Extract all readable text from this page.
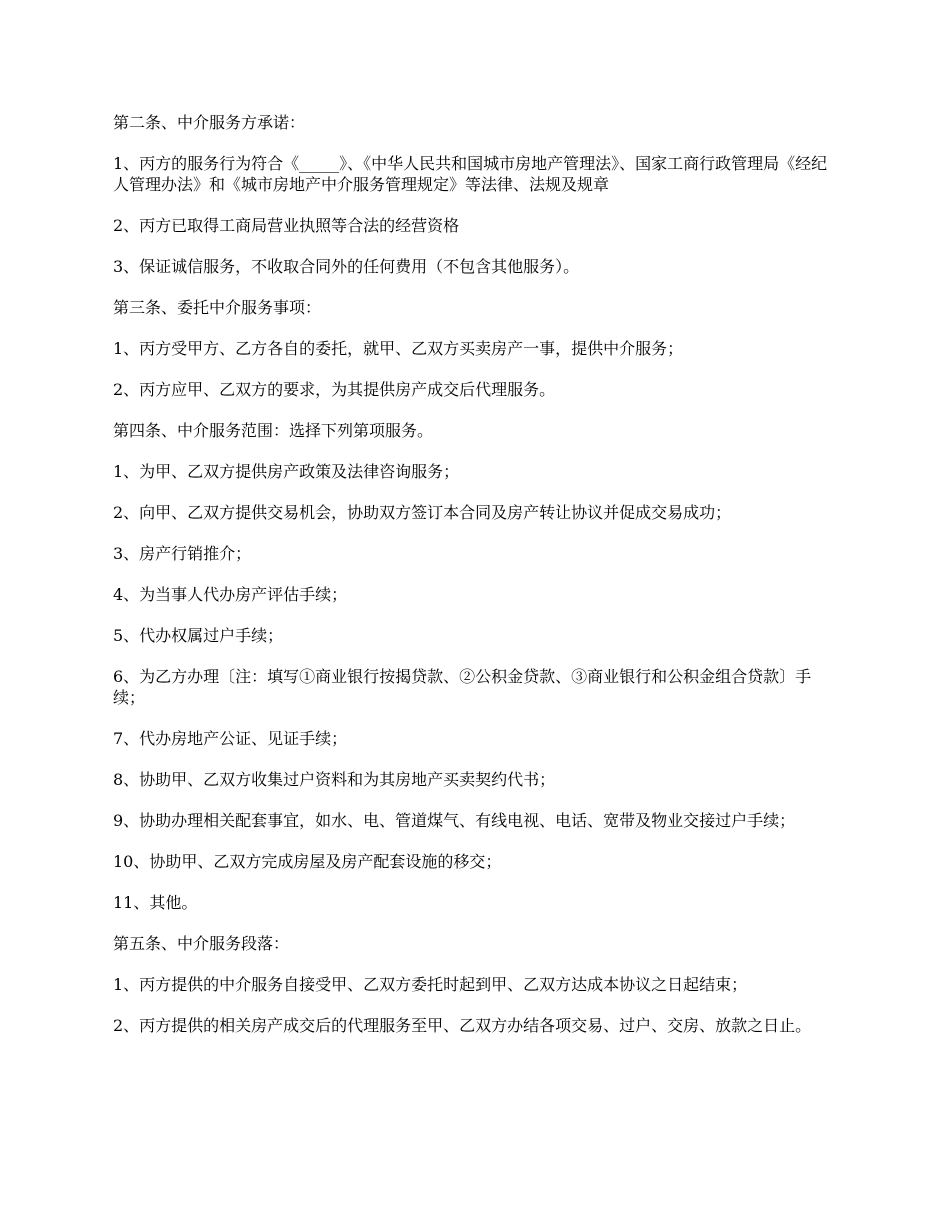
第二条、中介服务方承诺：

1、丙方的服务行为符合《_____》、《中华人民共和国城市房地产管理法》、国家工商行政管理局《经纪人管理办法》和《城市房地产中介服务管理规定》等法律、法规及规章

2、丙方已取得工商局营业执照等合法的经营资格

3、保证诚信服务，不收取合同外的任何费用（不包含其他服务）。

第三条、委托中介服务事项：

1、丙方受甲方、乙方各自的委托，就甲、乙双方买卖房产一事，提供中介服务；

2、丙方应甲、乙双方的要求，为其提供房产成交后代理服务。

第四条、中介服务范围：选择下列第项服务。

1、为甲、乙双方提供房产政策及法律咨询服务；

2、向甲、乙双方提供交易机会，协助双方签订本合同及房产转让协议并促成交易成功；

3、房产行销推介；

4、为当事人代办房产评估手续；

5、代办权属过户手续；

6、为乙方办理〔注：填写①商业银行按揭贷款、②公积金贷款、③商业银行和公积金组合贷款〕手续；

7、代办房地产公证、见证手续；

8、协助甲、乙双方收集过户资料和为其房地产买卖契约代书；

9、协助办理相关配套事宜，如水、电、管道煤气、有线电视、电话、宽带及物业交接过户手续；

10、协助甲、乙双方完成房屋及房产配套设施的移交；

11、其他。

第五条、中介服务段落：

1、丙方提供的中介服务自接受甲、乙双方委托时起到甲、乙双方达成本协议之日起结束；

2、丙方提供的相关房产成交后的代理服务至甲、乙双方办结各项交易、过户、交房、放款之日止。
